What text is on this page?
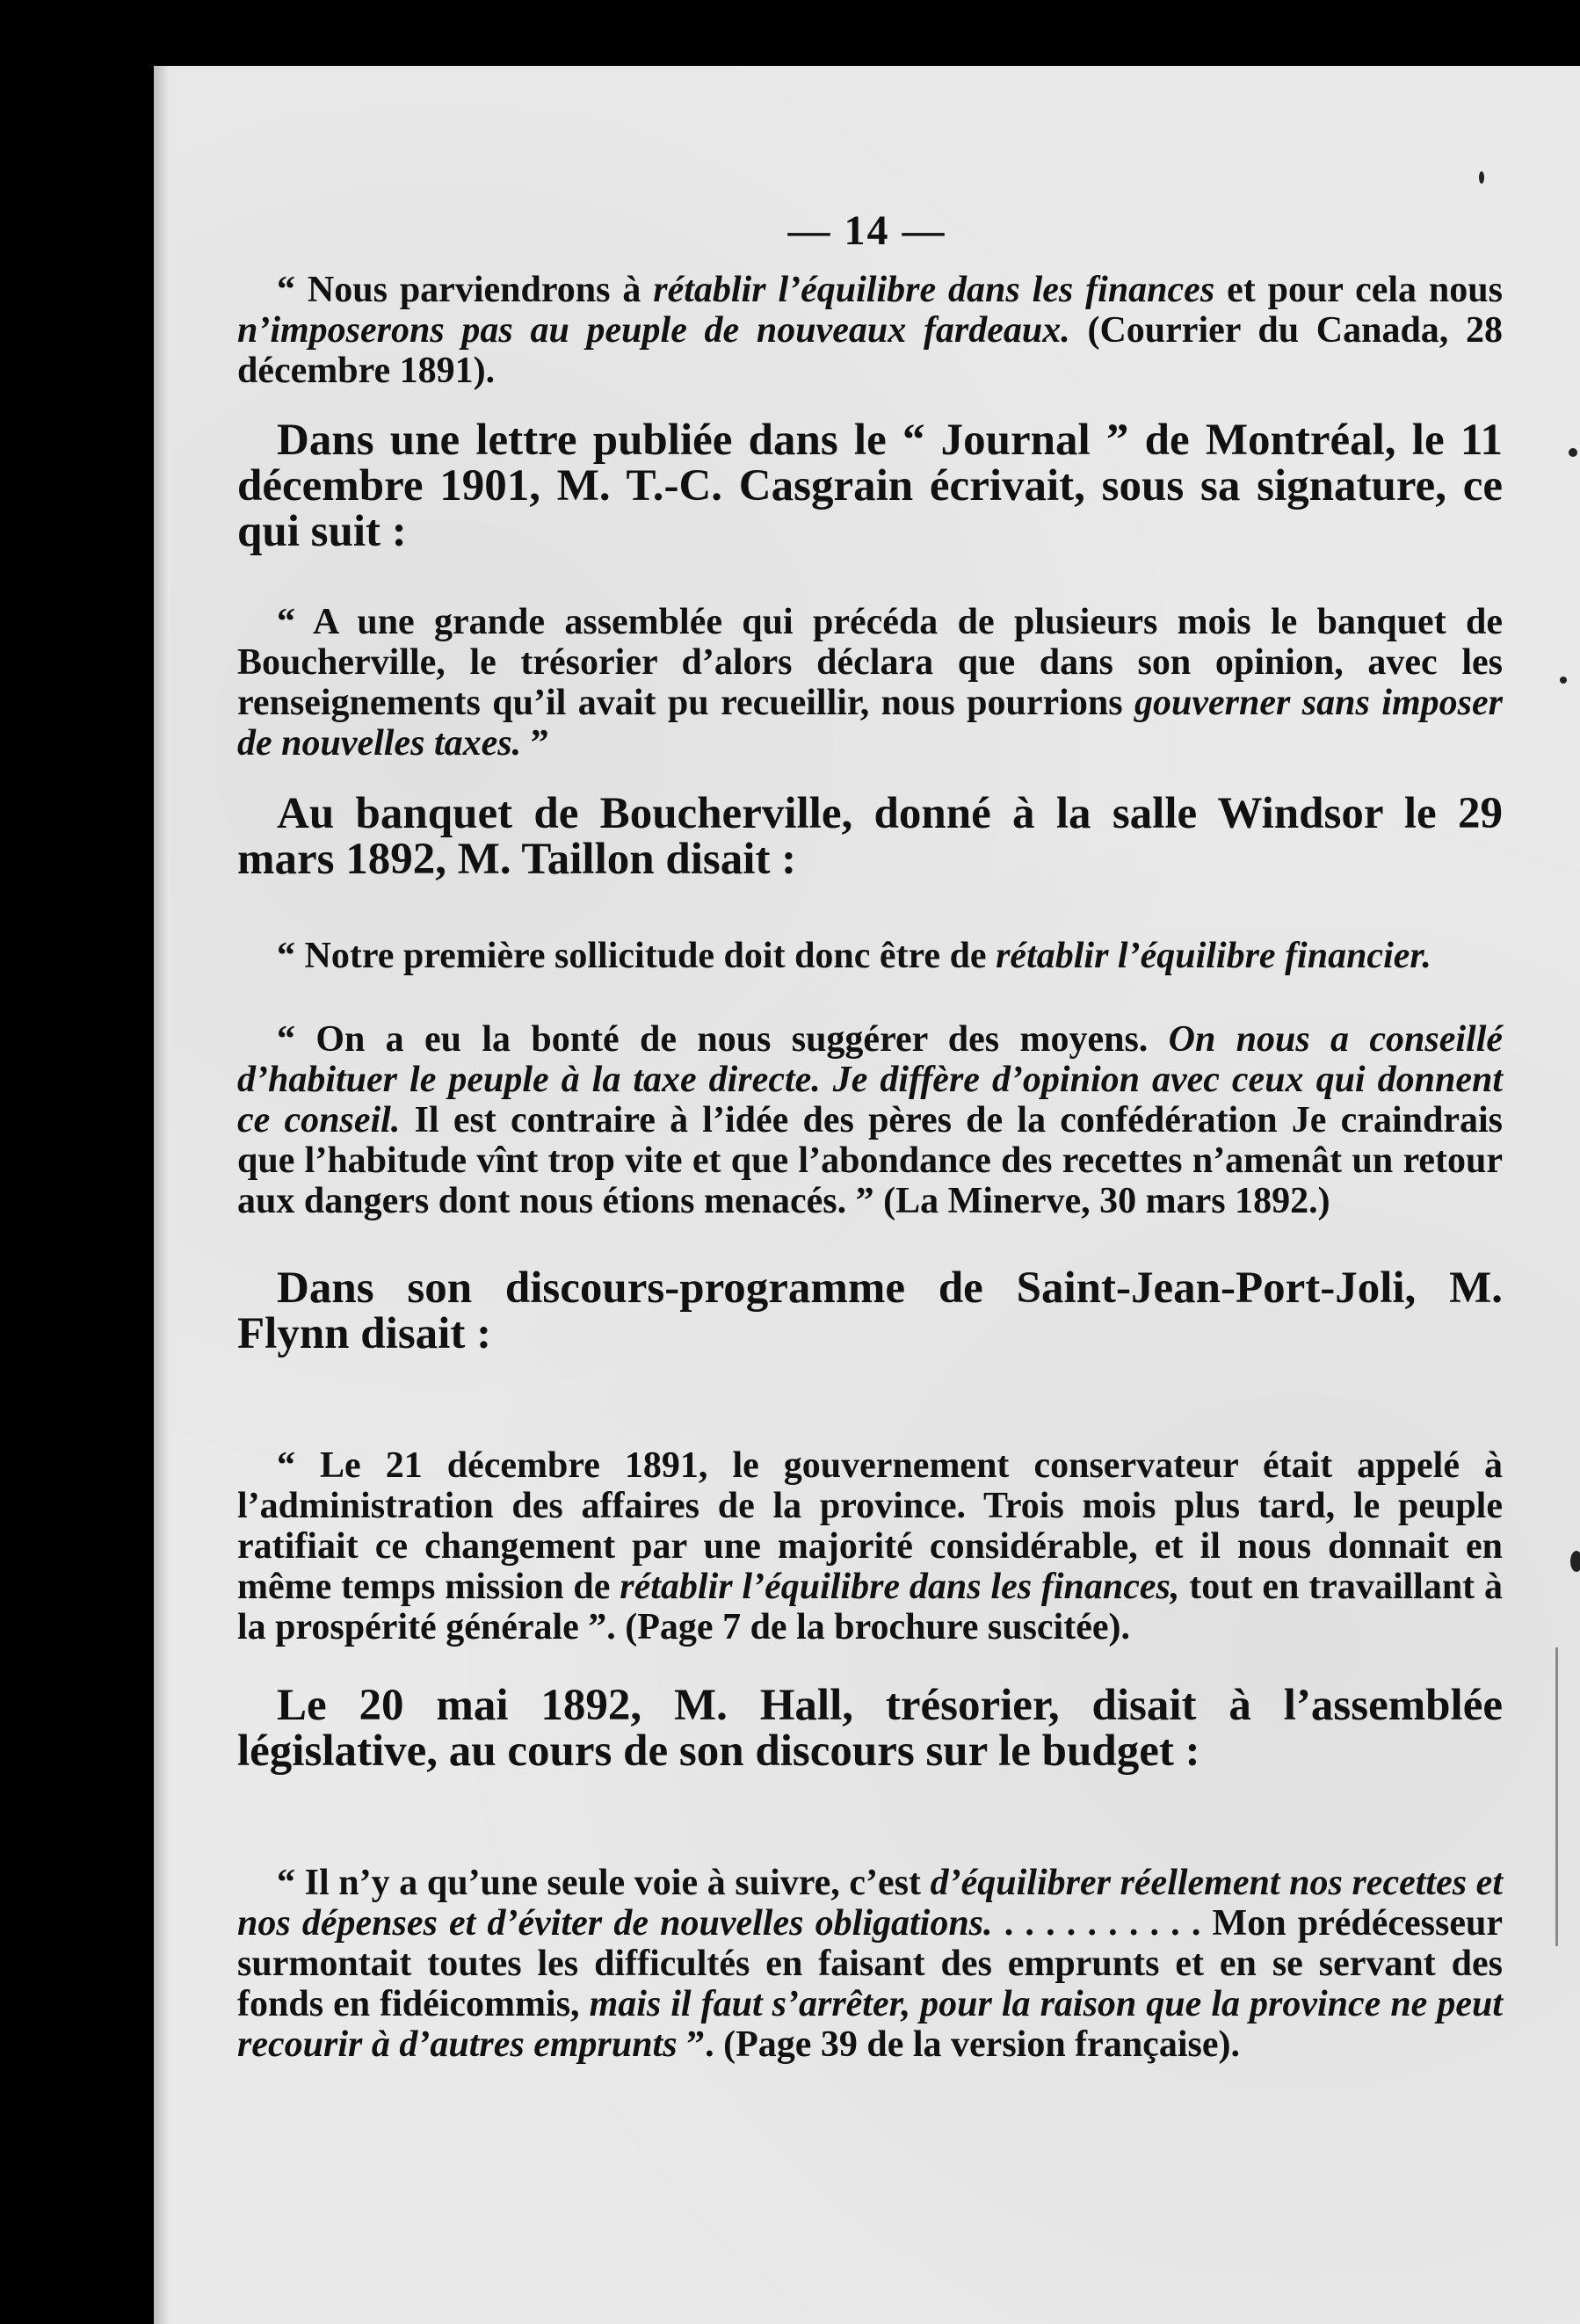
— 14 —
“ Nous parviendrons à rétablir l’équilibre dans les finances et pour cela nous n’imposerons pas au peuple de nouveaux fardeaux. (Courrier du Canada, 28 décembre 1891).
Dans une lettre publiée dans le “ Journal ” de Montréal, le 11 décembre 1901, M. T.-C. Casgrain écrivait, sous sa signature, ce qui suit :
“ A une grande assemblée qui précéda de plusieurs mois le banquet de Boucherville, le trésorier d’alors déclara que dans son opinion, avec les renseignements qu’il avait pu recueillir, nous pourrions gouverner sans imposer de nouvelles taxes. ”
Au banquet de Boucherville, donné à la salle Windsor le 29 mars 1892, M. Taillon disait :
“ Notre première sollicitude doit donc être de rétablir l’équilibre financier.
“ On a eu la bonté de nous suggérer des moyens. On nous a conseillé d’habituer le peuple à la taxe directe. Je diffère d’opinion avec ceux qui donnent ce conseil. Il est contraire à l’idée des pères de la confédération Je craindrais que l’habitude vînt trop vite et que l’abondance des recettes n’amenât un retour aux dangers dont nous étions menacés. ” (La Minerve, 30 mars 1892.)
Dans son discours-programme de Saint-Jean-Port-Joli, M. Flynn disait :
“ Le 21 décembre 1891, le gouvernement conservateur était appelé à l’administration des affaires de la province. Trois mois plus tard, le peuple ratifiait ce changement par une majorité considérable, et il nous donnait en même temps mission de rétablir l’équilibre dans les finances, tout en travaillant à la prospérité générale ”. (Page 7 de la brochure suscitée).
Le 20 mai 1892, M. Hall, trésorier, disait à l’assemblée législative, au cours de son discours sur le budget :
“ Il n’y a qu’une seule voie à suivre, c’est d’équilibrer réellement nos recettes et nos dépenses et d’éviter de nouvelles obligations. . . . . . . . . . . Mon prédécesseur surmontait toutes les difficultés en faisant des emprunts et en se servant des fonds en fidéicommis, mais il faut s’arrêter, pour la raison que la province ne peut recourir à d’autres emprunts ”. (Page 39 de la version française).
